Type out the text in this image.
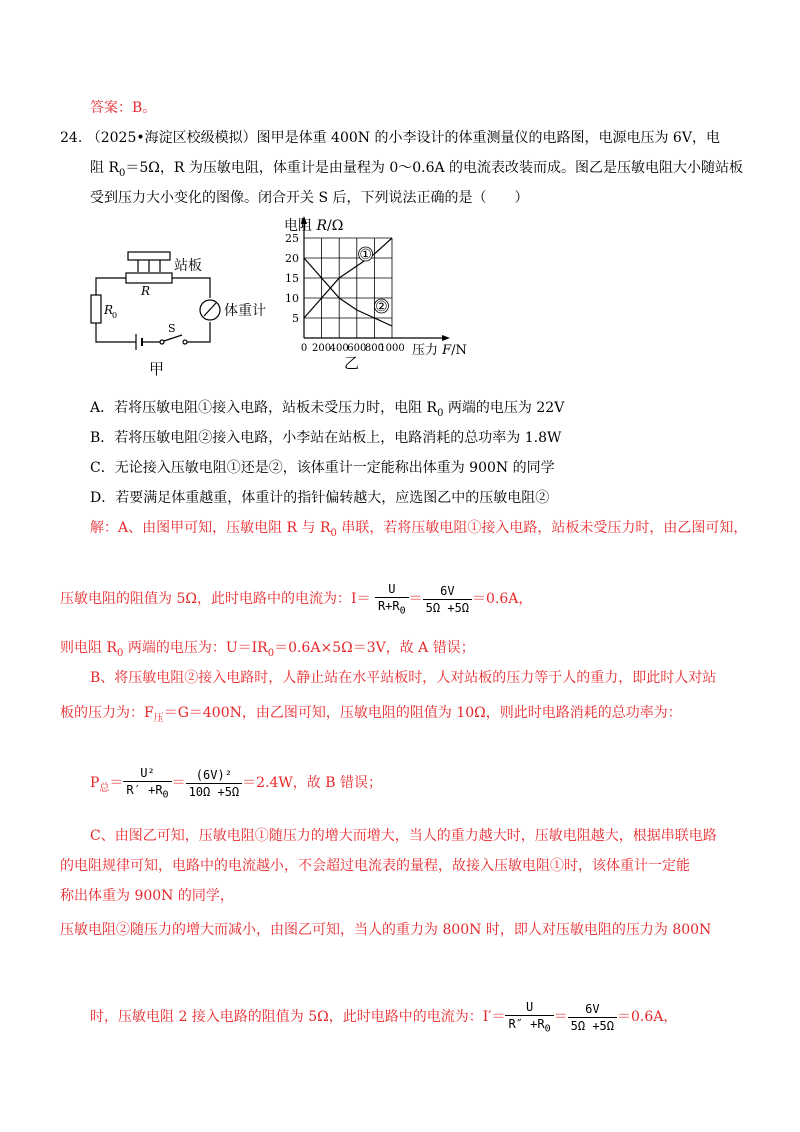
答案：B。
24. （2025•海淀区校级模拟）图甲是体重 400N 的小李设计的体重测量仪的电路图，电源电压为 6V，电
阻 $R_0=5\Omega$，R 为压敏电阻，体重计是由量程为 0～0.6A 的电流表改装而成。图乙是压敏电阻大小随站板
受到压力大小变化的图像。闭合开关 S 后，下列说法正确的是（　　）
站板
R
R
0	体重计
S
甲
0 200
400
600
800
1000
25
20
15
10
5
①
②
电阻 R/Ω
压力 F/N
乙
A．若将压敏电阻①接入电路，站板未受压力时，电阻 $R_0$ 两端的电压为 22V
B．若将压敏电阻②接入电路，小李站在站板上，电路消耗的总功率为 1.8W
C．无论接入压敏电阻①还是②，该体重计一定能称出体重为 900N 的同学
D．若要满足体重越重，体重计的指针偏转越大，应选图乙中的压敏电阻②
解：A、由图甲可知，压敏电阻 R 与 $R_0$ 串联，若将压敏电阻①接入电路，站板未受压力时，由乙图可知，
压敏电阻的阻值为 5Ω，此时电路中的电流为：$I= \frac{U}{R+R_0} = \frac{6V}{5\Omega +5\Omega} =0.6A$，
则电阻 $R_0$ 两端的电压为：$U=IR_0=0.6A\times 5\Omega=3V$，故 A 错误；
B、将压敏电阻②接入电路时，人静止站在水平站板时，人对站板的压力等于人的重力，即此时人对站
板的压力为：$F_压=G=400N$，由乙图可知，压敏电阻的阻值为 10Ω，则此时电路消耗的总功率为：
$P_总= \frac{\text{U²}}{R' +R_0} = \frac{\text{(6V)²}}{10\Omega +5\Omega} =2.4W$，故 B 错误；
C、由图乙可知，压敏电阻①随压力的增大而增大，当人的重力越大时，压敏电阻越大，根据串联电路
的电阻规律可知，电路中的电流越小，不会超过电流表的量程，故接入压敏电阻①时，该体重计一定能
称出体重为 900N 的同学，
压敏电阻②随压力的增大而减小，由图乙可知，当人的重力为 800N 时，即人对压敏电阻的压力为 800N
时，压敏电阻 2 接入电路的阻值为 5Ω，此时电路中的电流为：$I'= \frac{U}{R'' +R_0} = \frac{6V}{5\Omega +5\Omega} =0.6A$，
